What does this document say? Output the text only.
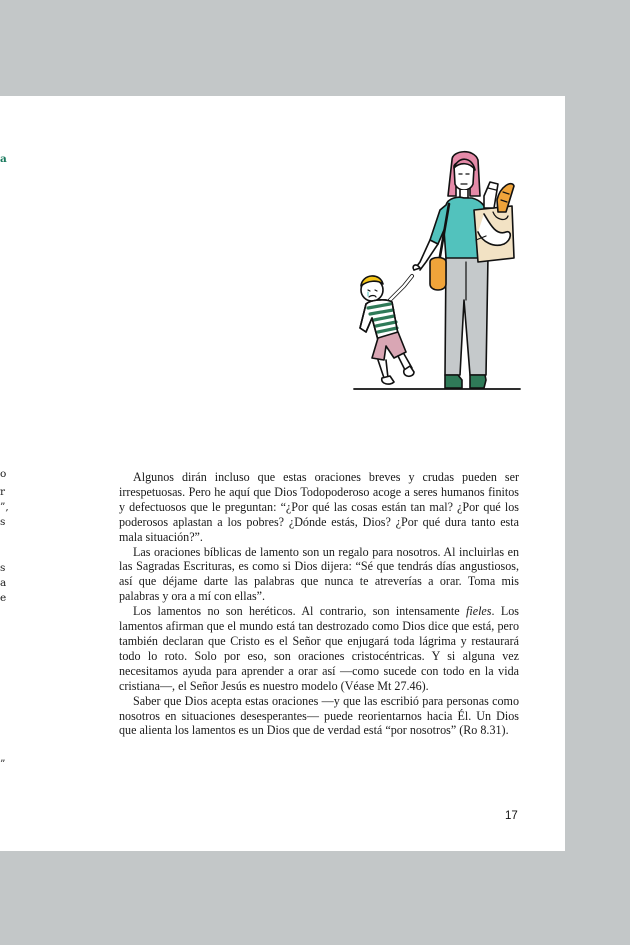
a

o

r

”,

s

s

a

e

”

Algunos dirán incluso que estas oraciones breves y crudas pueden ser irrespetuosas. Pero he aquí que Dios Todopoderoso acoge a seres humanos finitos y defectuosos que le preguntan: “¿Por qué las cosas están tan mal? ¿Por qué los poderosos aplastan a los pobres? ¿Dónde estás, Dios? ¿Por qué dura tanto esta mala situación?”.

Las oraciones bíblicas de lamento son un regalo para nosotros. Al incluirlas en las Sagradas Escrituras, es como si Dios dijera: “Sé que tendrás días angustiosos, así que déjame darte las palabras que nunca te atreverías a orar. Toma mis palabras y ora a mí con ellas”.

Los lamentos no son heréticos. Al contrario, son intensamente fieles. Los lamentos afirman que el mundo está tan destrozado como Dios dice que está, pero también declaran que Cristo es el Señor que enjugará toda lágrima y restaurará todo lo roto. Solo por eso, son oraciones cristocéntricas. Y si alguna vez necesitamos ayuda para aprender a orar así —como sucede con todo en la vida cristiana—, el Señor Jesús es nuestro modelo (Véase Mt 27.46).

Saber que Dios acepta estas oraciones —y que las escribió para personas como nosotros en situaciones desesperantes— puede reorientarnos hacia Él. Un Dios que alienta los lamentos es un Dios que de verdad está “por nosotros” (Ro 8.31).

17
